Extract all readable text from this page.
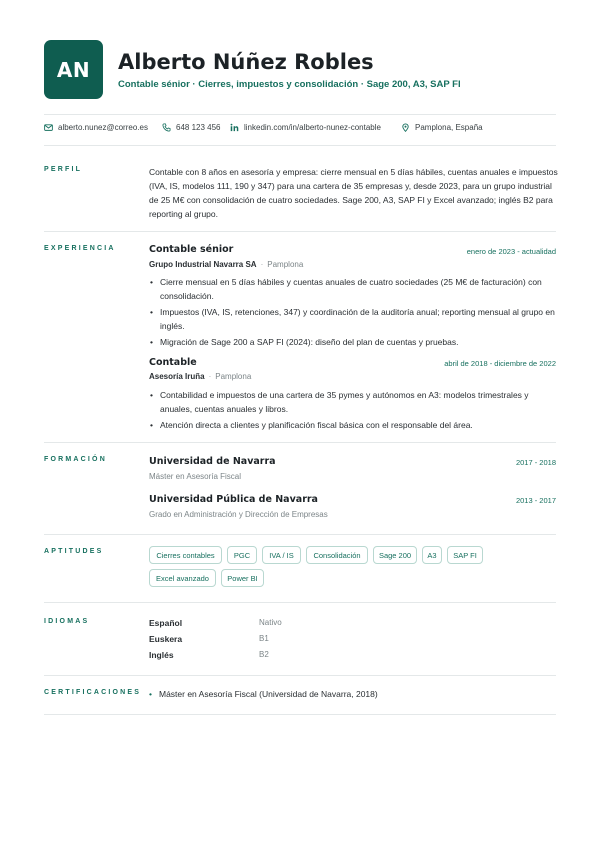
AN Alberto Núñez Robles
Contable sénior · Cierres, impuestos y consolidación · Sage 200, A3, SAP FI
alberto.nunez@correo.es	648 123 456	linkedin.com/in/alberto-nunez-contable	Pamplona, España
PERFIL	Contable con 8 años en asesoría y empresa: cierre mensual en 5 días hábiles, cuentas anuales e impuestos (IVA, IS, modelos 111, 190 y 347) para una cartera de 35 empresas y, desde 2023, para un grupo industrial de 25 M€ con consolidación de cuatro sociedades. Sage 200, A3, SAP FI y Excel avanzado; inglés B2 para reporting al grupo.
EXPERIENCIA	Contable sénior	enero de 2023 - actualidad
Grupo Industrial Navarra SA · Pamplona
• Cierre mensual en 5 días hábiles y cuentas anuales de cuatro sociedades (25 M€ de facturación) con consolidación.
• Impuestos (IVA, IS, retenciones, 347) y coordinación de la auditoría anual; reporting mensual al grupo en inglés.
• Migración de Sage 200 a SAP FI (2024): diseño del plan de cuentas y pruebas.
Contable	abril de 2018 - diciembre de 2022
Asesoría Iruña · Pamplona
• Contabilidad e impuestos de una cartera de 35 pymes y autónomos en A3: modelos trimestrales y anuales, cuentas anuales y libros.
• Atención directa a clientes y planificación fiscal básica con el responsable del área.
FORMACIÓN	Universidad de Navarra	2017 - 2018
Máster en Asesoría Fiscal
Universidad Pública de Navarra	2013 - 2017
Grado en Administración y Dirección de Empresas
APTITUDES	Cierres contables	PGC	IVA / IS	Consolidación	Sage 200	A3	SAP FI
Excel avanzado	Power BI
IDIOMAS	Español	Nativo
Euskera	B1
Inglés	B2
CERTIFICACIONES • Máster en Asesoría Fiscal (Universidad de Navarra, 2018)
